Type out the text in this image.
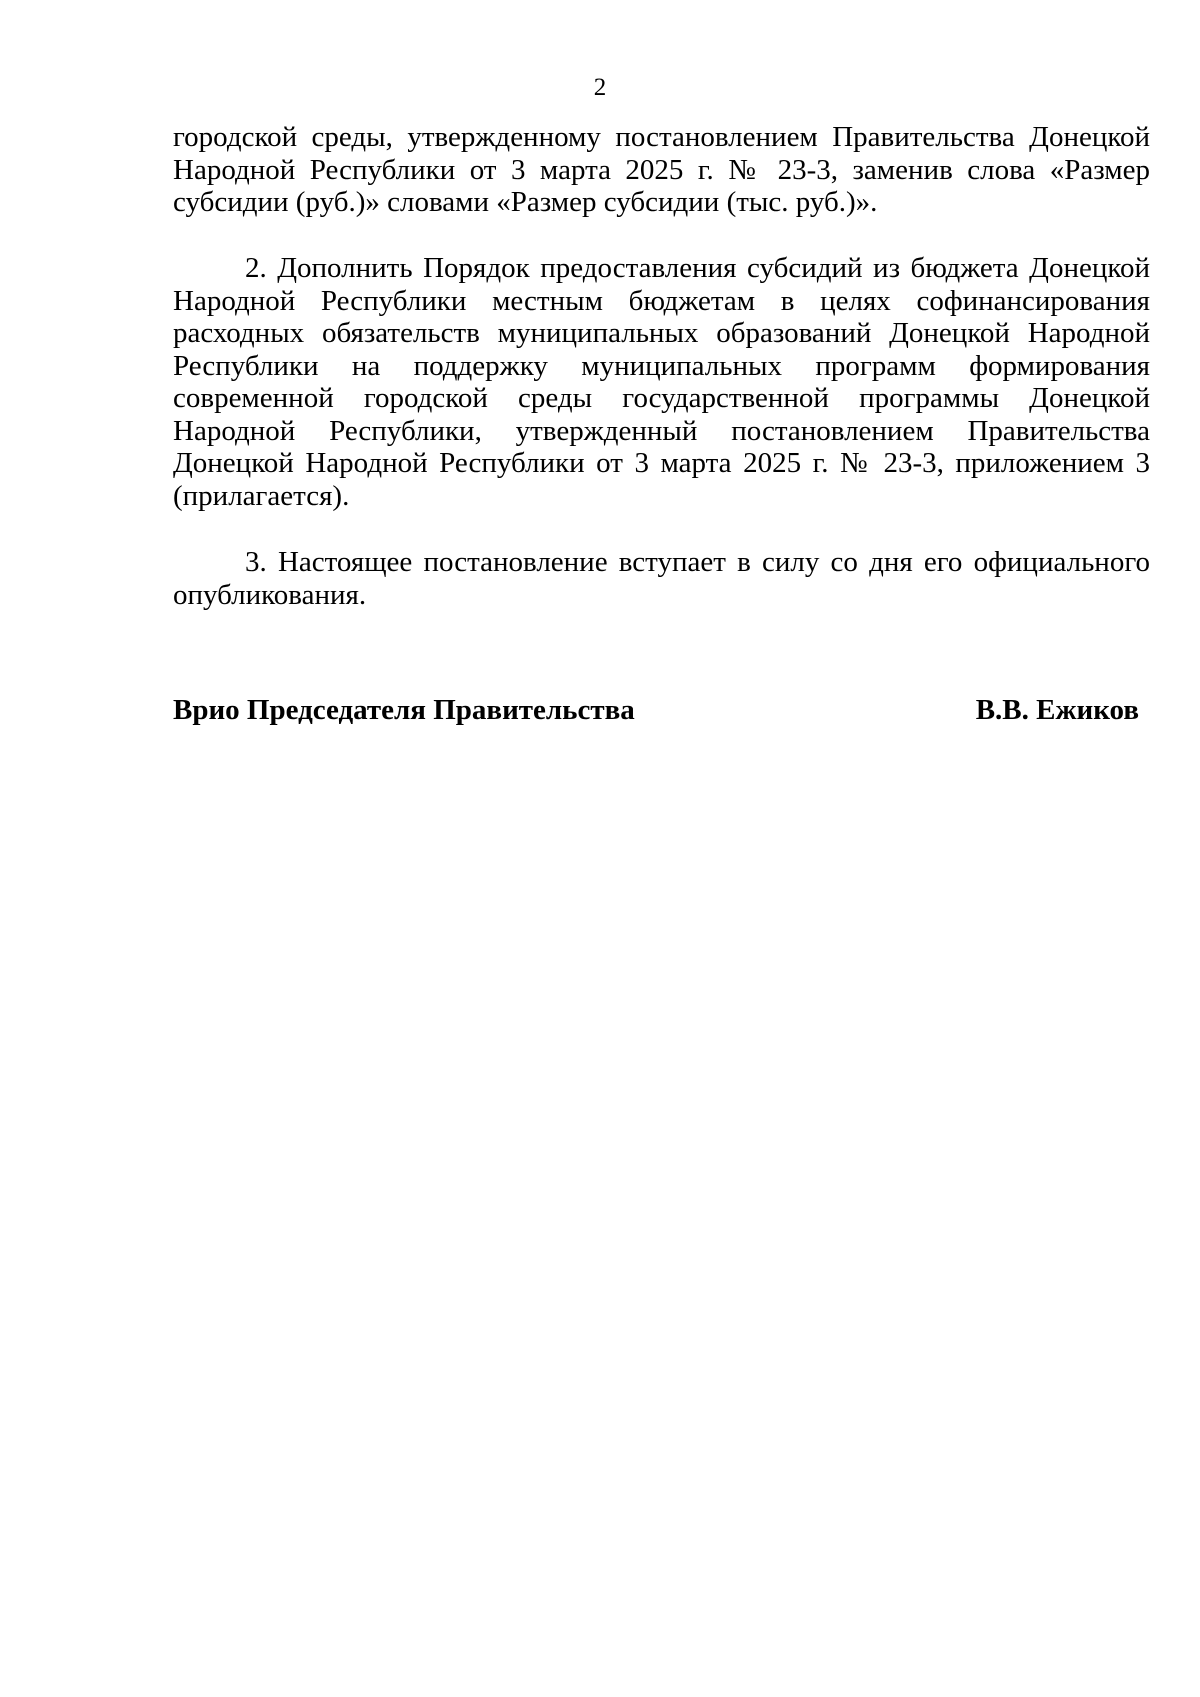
2

городской среды, утвержденному постановлением Правительства Донецкой Народной Республики от 3 марта 2025 г. № 23-3, заменив слова «Размер субсидии (руб.)» словами «Размер субсидии (тыс. руб.)».

2. Дополнить Порядок предоставления субсидий из бюджета Донецкой Народной Республики местным бюджетам в целях софинансирования расходных обязательств муниципальных образований Донецкой Народной Республики на поддержку муниципальных программ формирования современной городской среды государственной программы Донецкой Народной Республики, утвержденный постановлением Правительства Донецкой Народной Республики от 3 марта 2025 г. № 23-3, приложением 3 (прилагается).

3. Настоящее постановление вступает в силу со дня его официального опубликования.

Врио Председателя Правительства	В.В. Ежиков
